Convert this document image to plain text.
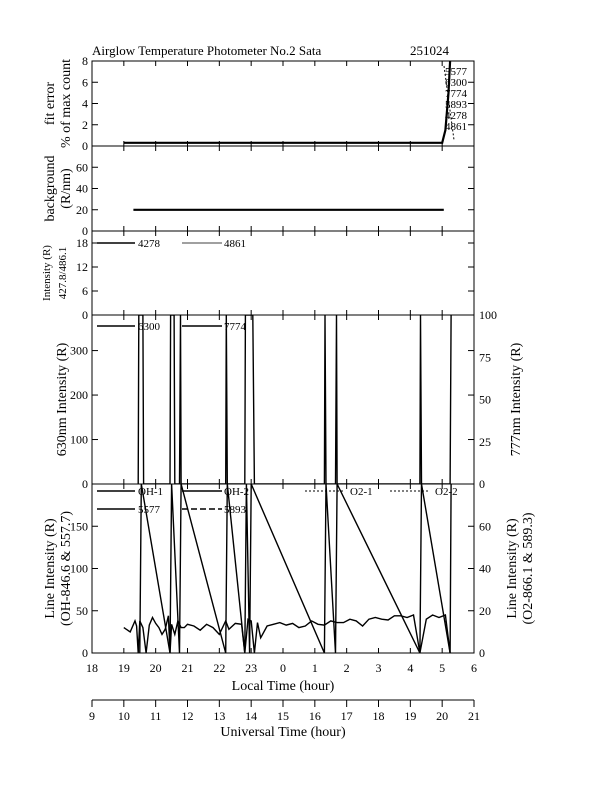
Airglow Temperature Photometer No.2 Sata	251024
0
2
4
6
8
fit error % of max count	5577
6300
7774
5893
4278
4861
0
20
40
60
background (R/nm)
0
6
12
18
Intensity (R) 427.8/486.1
4278	4861
0
100
200
300
0
25
50
75
100
630nm Intensity (R)	777nm Intensity (R)
6300	7774
0
50
100
150
0
20
40
60
Line Intensity (R) (OH-846.6 & 557.7)	Line Intensity (R) (O2-866.1 & 589.3)
OH-1	OH-2	O2-1	O2-2
5577	5893
18 19 20 21 22 23 0 1 2 3 4 5 6
Local Time (hour)
9 10 11 12 13 14 15 16 17 18 19 20 21
Universal Time (hour)
